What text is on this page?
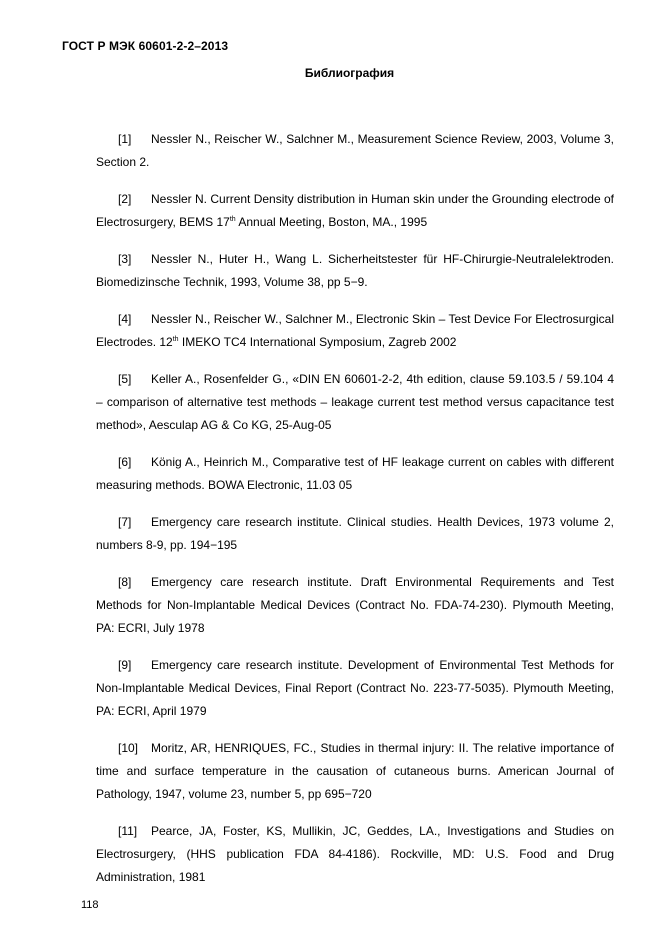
ГОСТ Р МЭК 60601-2-2–2013
Библиография

[1] Nessler N., Reischer W., Salchner M., Measurement Science Review, 2003, Volume 3, Section 2.

[2] Nessler N. Current Density distribution in Human skin under the Grounding electrode of Electrosurgery, BEMS 17th Annual Meeting, Boston, MA., 1995

[3] Nessler N., Huter H., Wang L. Sicherheitstester für HF-Chirurgie-Neutralelektroden. Biomedizinsche Technik, 1993, Volume 38, pp 5−9.

[4] Nessler N., Reischer W., Salchner M., Electronic Skin – Test Device For Electrosurgical Electrodes. 12th IMEKO TC4 International Symposium, Zagreb 2002

[5] Keller A., Rosenfelder G., «DIN EN 60601-2-2, 4th edition, clause 59.103.5 / 59.104 4 – comparison of alternative test methods – leakage current test method versus capacitance test method», Aesculap AG & Co KG, 25-Aug-05

[6] König A., Heinrich M., Comparative test of HF leakage current on cables with different measuring methods. BOWA Electronic, 11.03 05

[7] Emergency care research institute. Clinical studies. Health Devices, 1973 volume 2, numbers 8-9, pp. 194−195

[8] Emergency care research institute. Draft Environmental Requirements and Test Methods for Non-Implantable Medical Devices (Contract No. FDA-74-230). Plymouth Meeting, PA: ECRI, July 1978

[9] Emergency care research institute. Development of Environmental Test Methods for Non-Implantable Medical Devices, Final Report (Contract No. 223-77-5035). Plymouth Meeting, PA: ECRI, April 1979

[10] Moritz, AR, HENRIQUES, FC., Studies in thermal injury: II. The relative importance of time and surface temperature in the causation of cutaneous burns. American Journal of Pathology, 1947, volume 23, number 5, pp 695−720

[11] Pearce, JA, Foster, KS, Mullikin, JC, Geddes, LA., Investigations and Studies on Electrosurgery, (HHS publication FDA 84-4186). Rockville, MD: U.S. Food and Drug Administration, 1981

118
